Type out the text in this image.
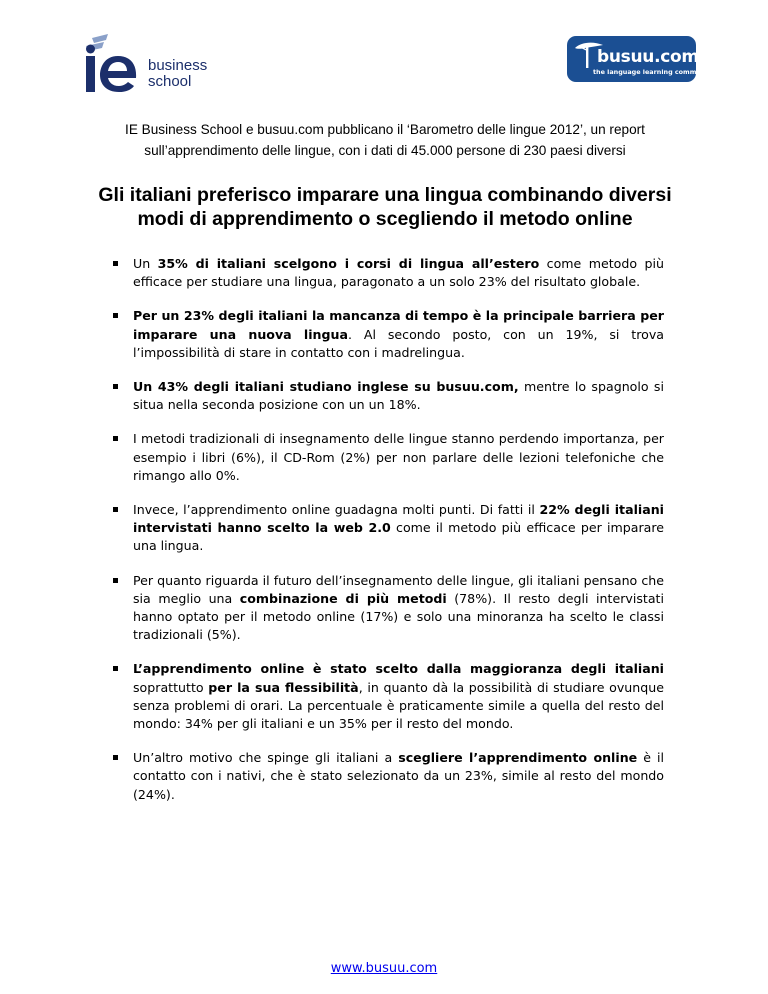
business
school
busuu.com
the language learning community!

IE Business School e busuu.com pubblicano il ‘Barometro delle lingue 2012’, un report sull’apprendimento delle lingue, con i dati di 45.000 persone di 230 paesi diversi

Gli italiani preferisco imparare una lingua combinando diversi modi di apprendimento o scegliendo il metodo online

Un 35% di italiani scelgono i corsi di lingua all’estero come metodo più efficace per studiare una lingua, paragonato a un solo 23% del risultato globale.

Per un 23% degli italiani la mancanza di tempo è la principale barriera per imparare una nuova lingua. Al secondo posto, con un 19%, si trova l’impossibilità di stare in contatto con i madrelingua.

Un 43% degli italiani studiano inglese su busuu.com, mentre lo spagnolo si situa nella seconda posizione con un un 18%.

I metodi tradizionali di insegnamento delle lingue stanno perdendo importanza, per esempio i libri (6%), il CD-Rom (2%) per non parlare delle lezioni telefoniche che rimango allo 0%.

Invece, l’apprendimento online guadagna molti punti. Di fatti il 22% degli italiani intervistati hanno scelto la web 2.0 come il metodo più efficace per imparare una lingua.

Per quanto riguarda il futuro dell’insegnamento delle lingue, gli italiani pensano che sia meglio una combinazione di più metodi (78%). Il resto degli intervistati hanno optato per il metodo online (17%) e solo una minoranza ha scelto le classi tradizionali (5%).

L’apprendimento online è stato scelto dalla maggioranza degli italiani soprattutto per la sua flessibilità, in quanto dà la possibilità di studiare ovunque senza problemi di orari. La percentuale è praticamente simile a quella del resto del mondo: 34% per gli italiani e un 35% per il resto del mondo.

Un’altro motivo che spinge gli italiani a scegliere l’apprendimento online è il contatto con i nativi, che è stato selezionato da un 23%, simile al resto del mondo (24%).

www.busuu.com
